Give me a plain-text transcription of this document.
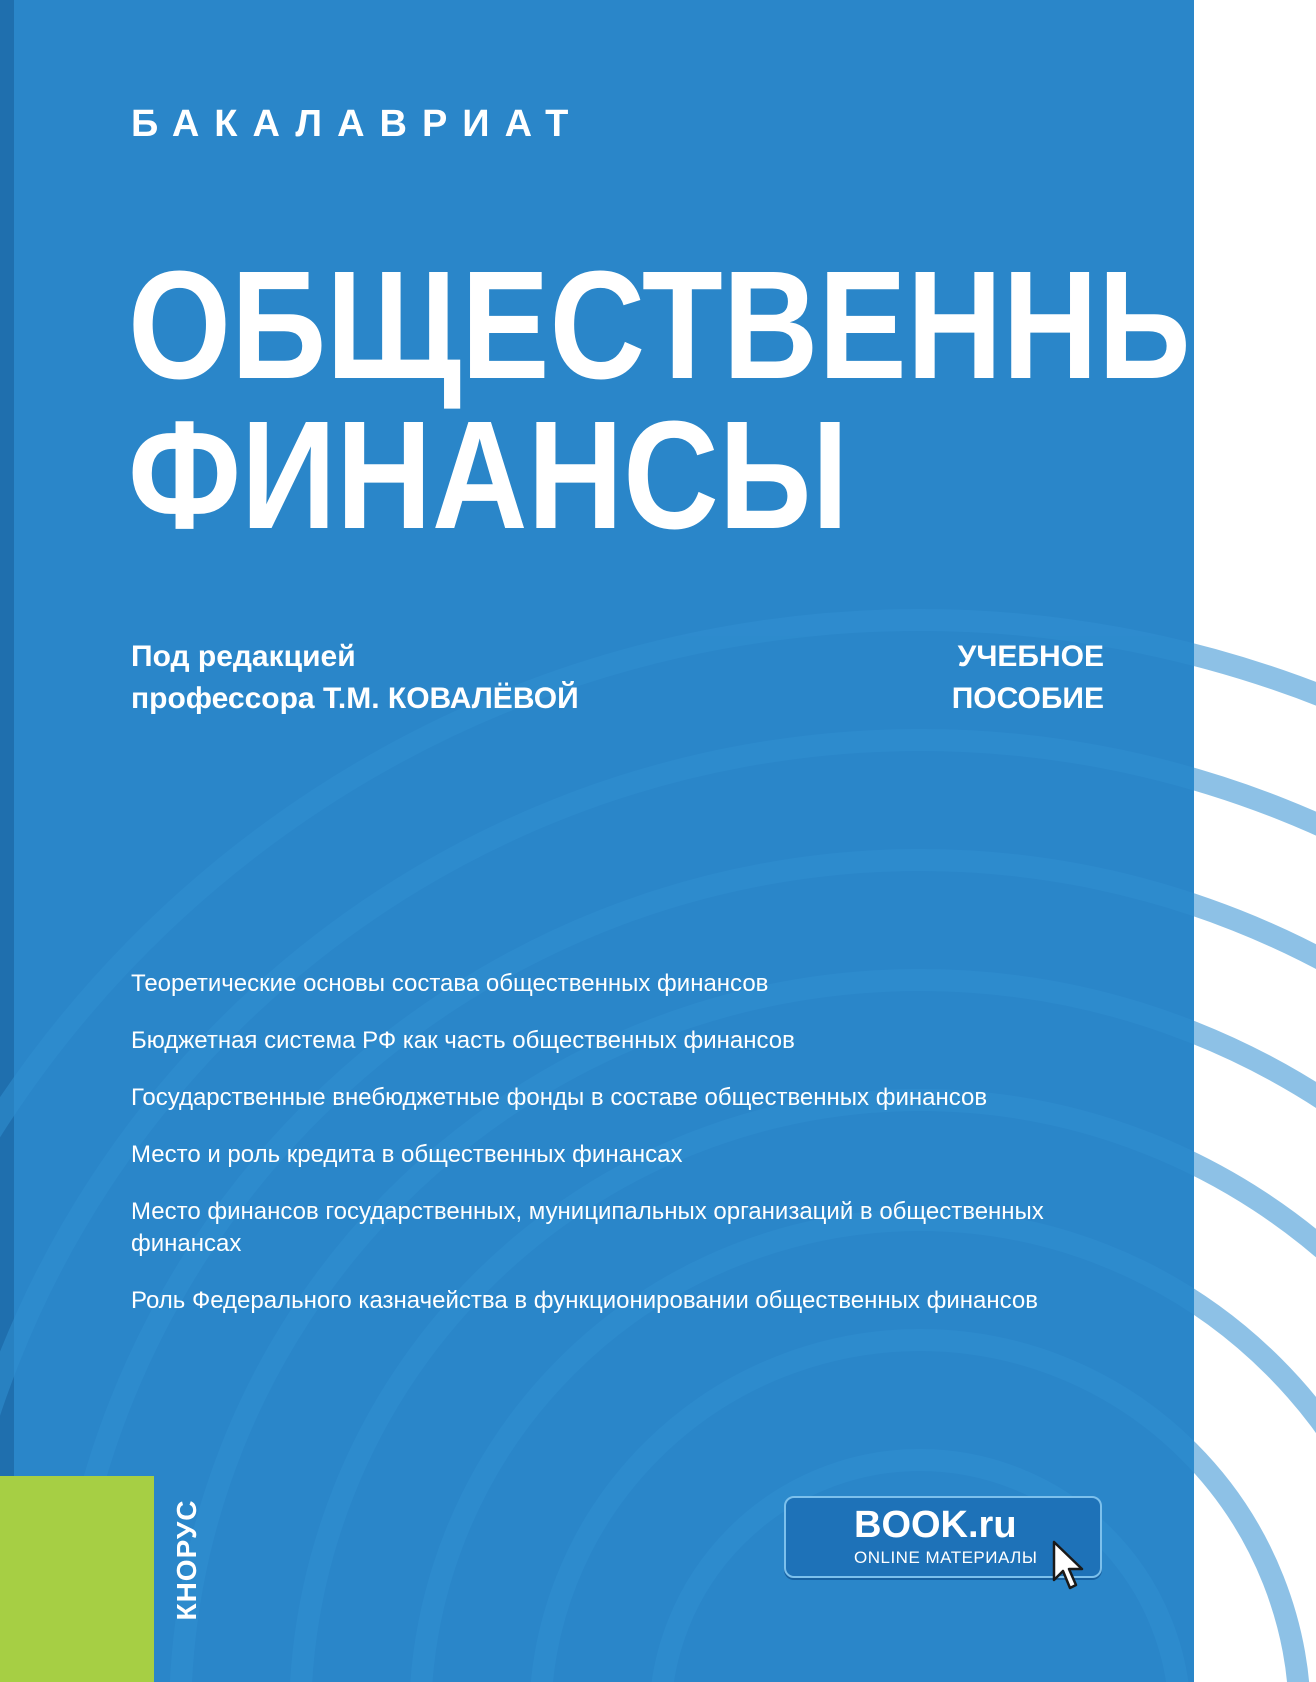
БАКАЛАВРИАТ
ОБЩЕСТВЕННЫЕ
ФИНАНСЫ
Под редакцией
профессора Т.М. КОВАЛЁВОЙ
УЧЕБНОЕ
ПОСОБИЕ
Теоретические основы состава общественных финансов
Бюджетная система РФ как часть общественных финансов
Государственные внебюджетные фонды в составе общественных финансов
Место и роль кредита в общественных финансах
Место финансов государственных, муниципальных организаций в общественных финансах
Роль Федерального казначейства в функционировании общественных финансов
КНОРУС	BOOK.ru
ONLINE МАТЕРИАЛЫ
